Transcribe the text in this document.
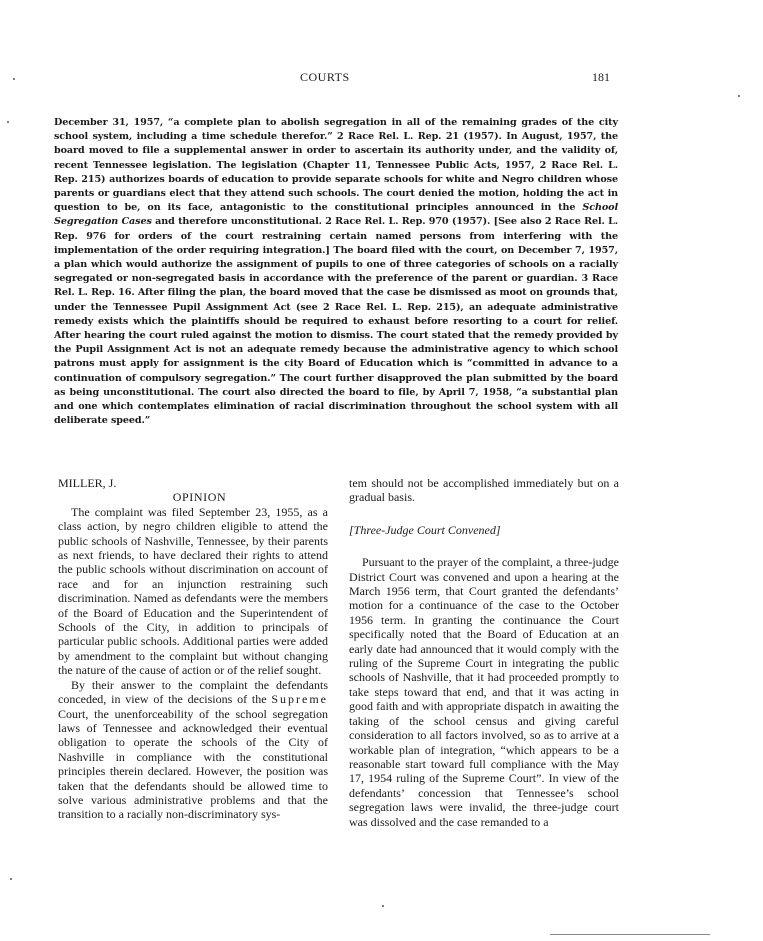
COURTS	181
December 31, 1957, “a complete plan to abolish segregation in all of the remaining grades of the city school system, including a time schedule therefor.” 2 Race Rel. L. Rep. 21 (1957). In August, 1957, the board moved to file a supplemental answer in order to ascertain its authority under, and the validity of, recent Tennessee legislation. The legislation (Chapter 11, Tennessee Public Acts, 1957, 2 Race Rel. L. Rep. 215) authorizes boards of education to provide separate schools for white and Negro children whose parents or guardians elect that they attend such schools. The court denied the motion, holding the act in question to be, on its face, antagonistic to the constitutional principles announced in the School Segregation Cases and therefore unconstitutional. 2 Race Rel. L. Rep. 970 (1957). [See also 2 Race Rel. L. Rep. 976 for orders of the court restraining certain named persons from interfering with the implementation of the order requiring integration.] The board filed with the court, on December 7, 1957, a plan which would authorize the assignment of pupils to one of three categories of schools on a racially segregated or non-segregated basis in accordance with the preference of the parent or guardian. 3 Race Rel. L. Rep. 16. After filing the plan, the board moved that the case be dismissed as moot on grounds that, under the Tennessee Pupil Assignment Act (see 2 Race Rel. L. Rep. 215), an adequate administrative remedy exists which the plaintiffs should be required to exhaust before resorting to a court for relief. After hearing the court ruled against the motion to dismiss. The court stated that the remedy provided by the Pupil Assignment Act is not an adequate remedy because the administrative agency to which school patrons must apply for assignment is the city Board of Education which is “committed in advance to a continuation of compulsory segregation.” The court further disapproved the plan submitted by the board as being unconstitutional. The court also directed the board to file, by April 7, 1958, “a substantial plan and one which contemplates elimination of racial discrimination throughout the school system with all deliberate speed.”

MILLER, J.

OPINION

The complaint was filed September 23, 1955, as a class action, by negro children eligible to attend the public schools of Nashville, Tennessee, by their parents as next friends, to have declared their rights to attend the public schools without discrimination on account of race and for an injunction restraining such discrimination. Named as defendants were the members of the Board of Education and the Superintendent of Schools of the City, in addition to principals of particular public schools. Additional parties were added by amendment to the complaint but without changing the nature of the cause of action or of the relief sought.

By their answer to the complaint the defendants conceded, in view of the decisions of the Supreme Court, the unenforceability of the school segregation laws of Tennessee and acknowledged their eventual obligation to operate the schools of the City of Nashville in compliance with the constitutional principles therein declared. However, the position was taken that the defendants should be allowed time to solve various administrative problems and that the transition to a racially non-discriminatory sys-

tem should not be accomplished immediately but on a gradual basis.

[Three-Judge Court Convened]

Pursuant to the prayer of the complaint, a three-judge District Court was convened and upon a hearing at the March 1956 term, that Court granted the defendants’ motion for a continuance of the case to the October 1956 term. In granting the continuance the Court specifically noted that the Board of Education at an early date had announced that it would comply with the ruling of the Supreme Court in integrating the public schools of Nashville, that it had proceeded promptly to take steps toward that end, and that it was acting in good faith and with appropriate dispatch in awaiting the taking of the school census and giving careful consideration to all factors involved, so as to arrive at a workable plan of integration, “which appears to be a reasonable start toward full compliance with the May 17, 1954 ruling of the Supreme Court”. In view of the defendants’ concession that Tennessee’s school segregation laws were invalid, the three-judge court was dissolved and the case remanded to a
